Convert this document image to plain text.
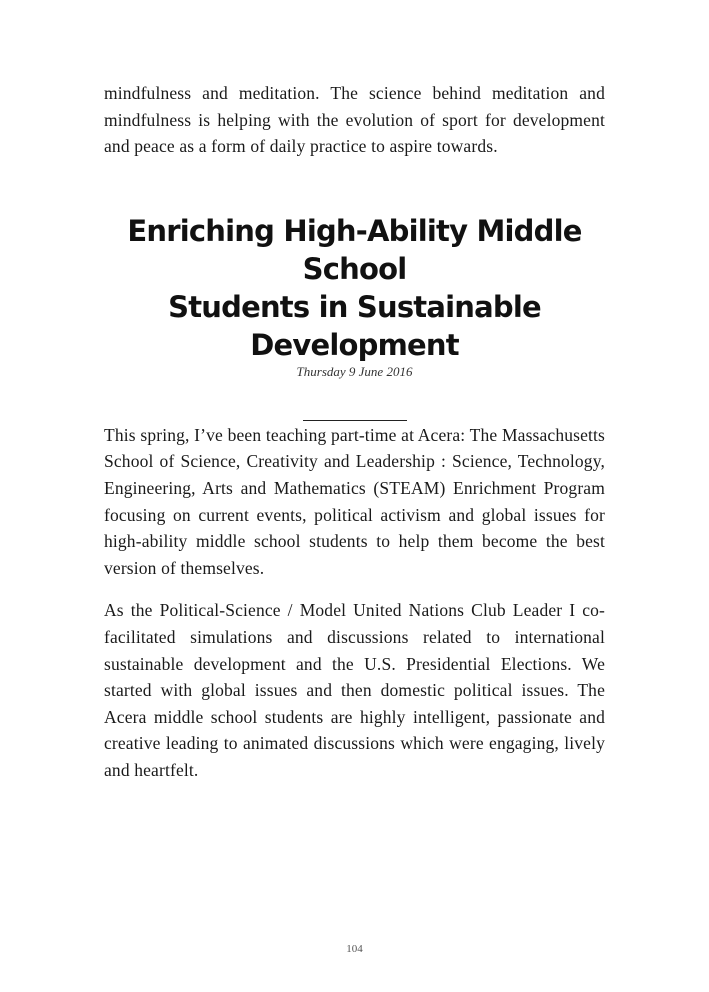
mindfulness and meditation. The science behind meditation and mindfulness is helping with the evolution of sport for development and peace as a form of daily practice to aspire towards.

Enriching High-Ability Middle School
Students in Sustainable Development

Thursday 9 June 2016

This spring, I’ve been teaching part-time at Acera: The Massachusetts School of Science, Creativity and Leadership : Science, Technology, Engineering, Arts and Mathematics (STEAM) Enrichment Program focusing on current events, political activism and global issues for high-ability middle school students to help them become the best version of themselves.

As the Political-Science / Model United Nations Club Leader I co-facilitated simulations and discussions related to international sustainable development and the U.S. Presidential Elections. We started with global issues and then domestic political issues. The Acera middle school students are highly intelligent, passionate and creative leading to animated discussions which were engaging, lively and heartfelt.

104
